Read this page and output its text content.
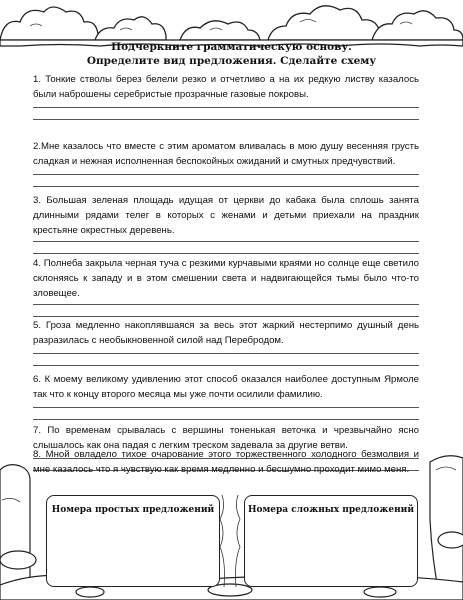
Подчеркните грамматическую основу.
Определите вид предложения. Сделайте схему

1. Тонкие стволы берез белели резко и отчетливо а на их редкую листву казалось были наброшены серебристые прозрачные газовые покровы.

2.Мне казалось что вместе с этим ароматом вливалась в мою душу весенняя грусть сладкая и нежная исполненная беспокойных ожиданий и смутных предчувствий.

3. Большая зеленая площадь идущая от церкви до кабака была сплошь занята длинными рядами телег в которых с женами и детьми приехали на праздник крестьяне окрестных деревень.

4. Полнеба закрыла черная туча с резкими курчавыми краями но солнце еще светило склоняясь к западу и в этом смешении света и надвигающейся тьмы было что-то зловещее.

5. Гроза медленно накоплявшаяся за весь этот жаркий нестерпимо душный день разразилась с необыкновенной силой над Перебродом.

6. К моему великому удивлению этот способ оказался наиболее доступным Ярмоле так что к концу второго месяца мы уже почти осилили фамилию.

7. По временам срывалась с вершины тоненькая веточка и чрезвычайно ясно слышалось как она падая с легким треском задевала за другие ветви.

8. Мной овладело тихое очарование этого торжественного холодного безмолвия и мне казалось что я чувствую как время медленно и бесшумно проходит мимо меня.

Номера простых предложений	Номера сложных предложений
